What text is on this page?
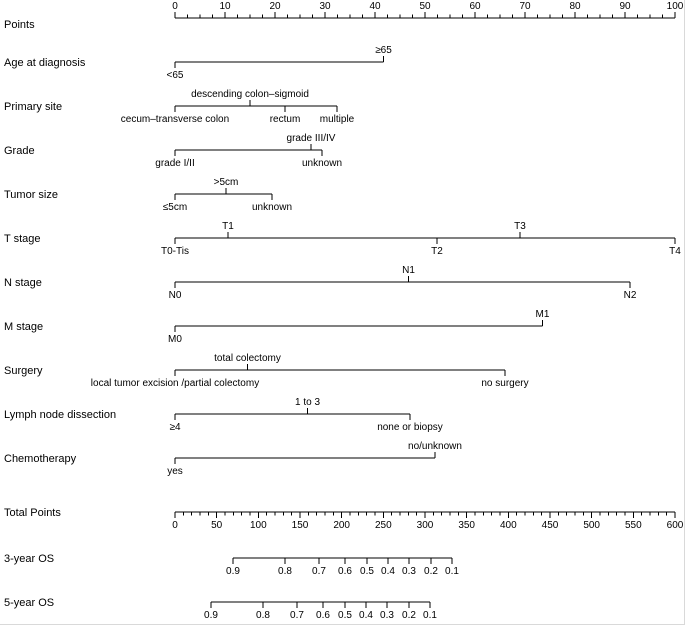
Points
0	10	20	30	40	50	60	70	80	90	100
Age at diagnosis
<65
≥65
Primary site
cecum–transverse colon
descending colon–sigmoid
rectum multiple
Grade
grade I/II
grade III/IV
unknown
Tumor size
≤5cm
>5cm
unknown
T stage
T0-Tis
T1
T2
T3
T4
N stage
N0
N1
N2
M stage
M0
M1
Surgery
local tumor excision /partial colectomy
total colectomy
no surgery
Lymph node dissection
≥4
1 to 3
none or biopsy
Chemotherapy
yes
no/unknown
Total Points
0	50	100 150 200 250 300 350 400 450 500 550 600
3-year OS
0.9	0.8 0.7 0.6 0.5 0.4 0.3 0.2 0.1
5-year OS
0.9	0.8 0.7 0.6 0.5 0.4 0.3 0.2 0.1
